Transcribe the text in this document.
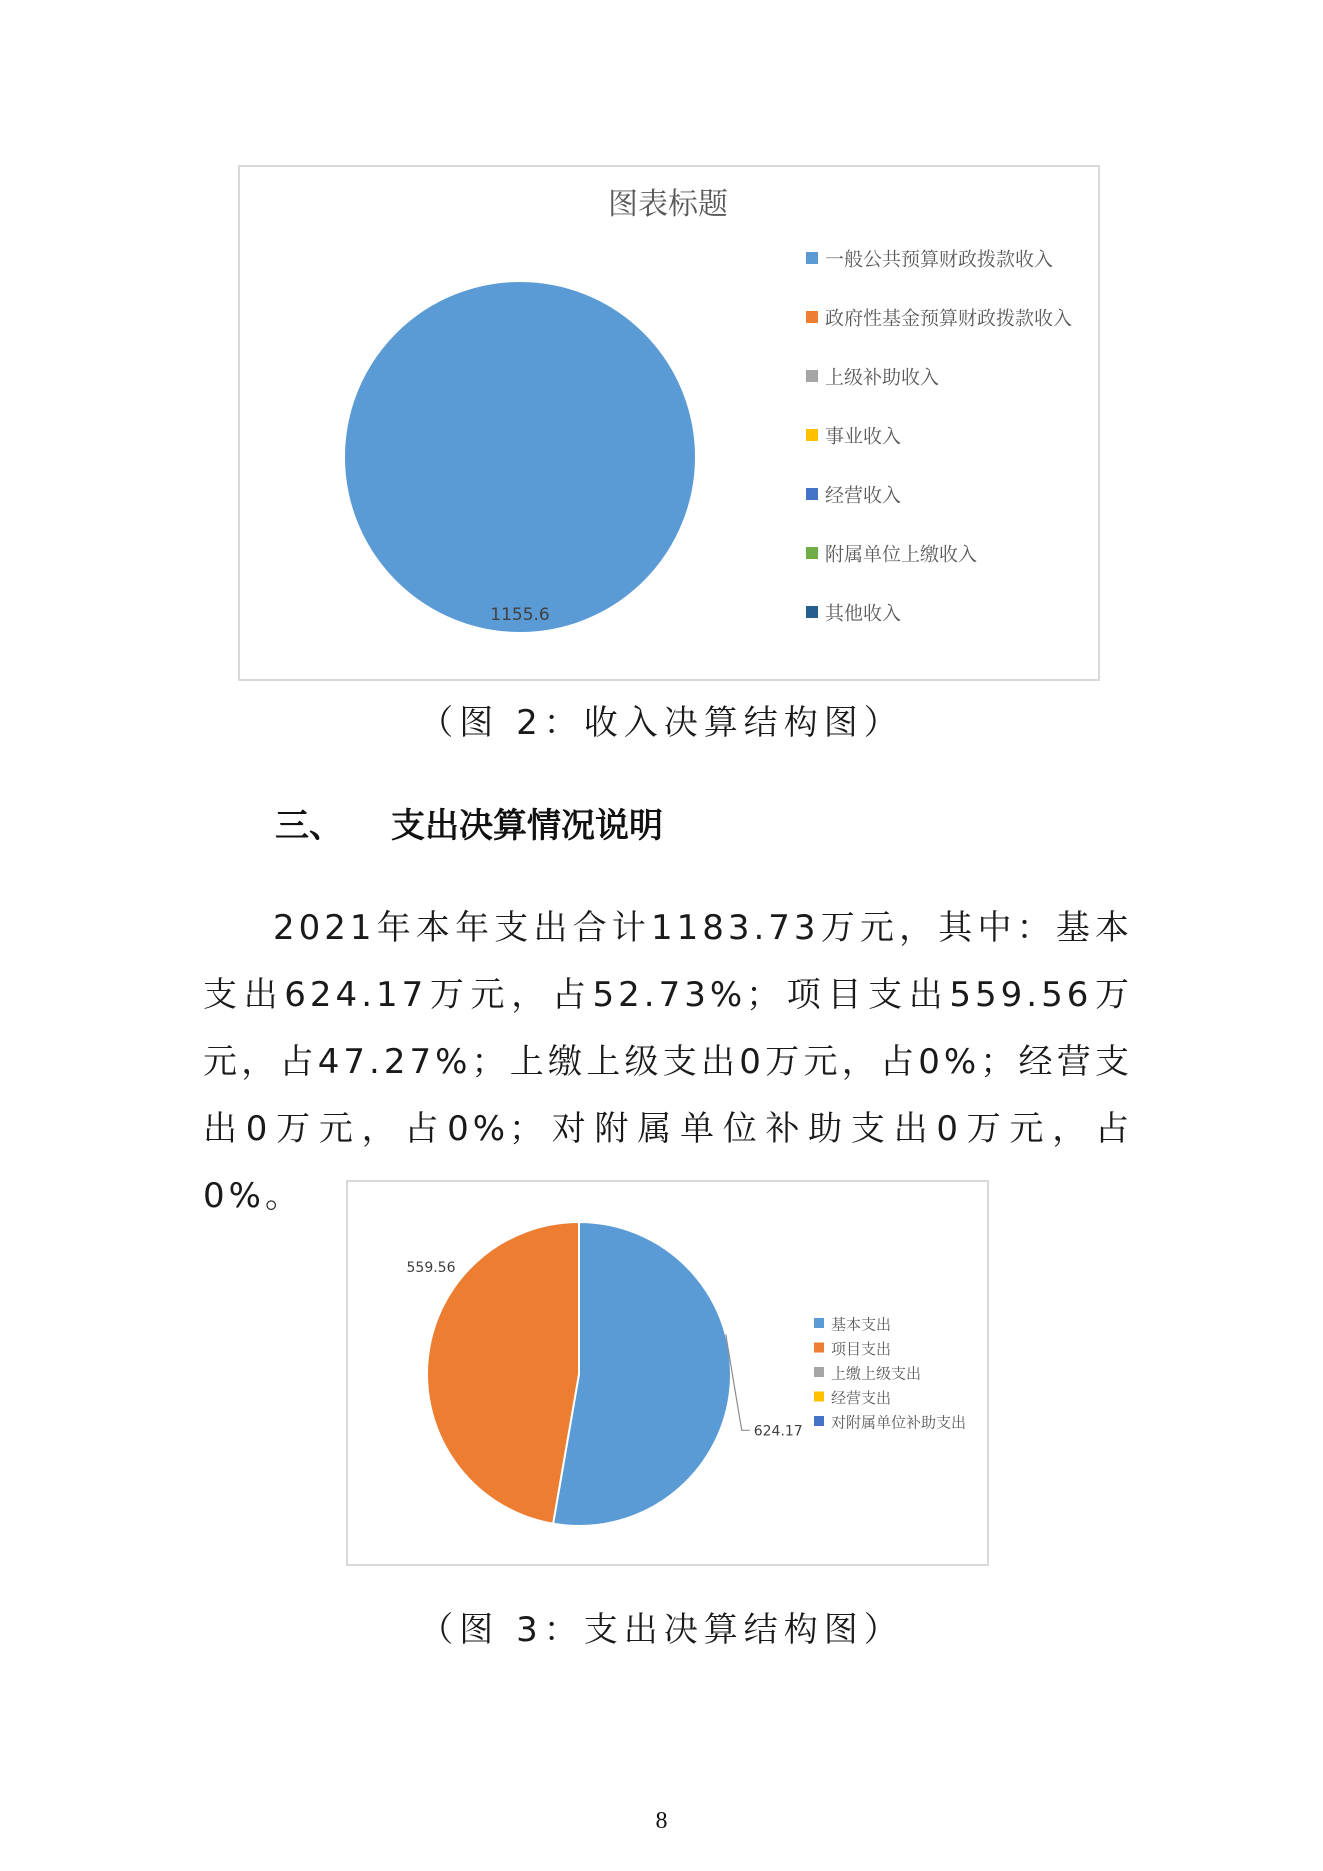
图表标题
1155.6
一般公共预算财政拨款收入
政府性基金预算财政拨款收入
上级补助收入
事业收入
经营收入
附属单位上缴收入
其他收入
（图 2：收入决算结构图）
三、 支出决算情况说明

2021年本年支出合计1183.73万元，其中：基本支出624.17万元，占52.73%；项目支出559.56万元，占47.27%；上缴上级支出0万元，占0%；经营支出0万元，占0%；对附属单位补助支出0万元，占0%。

624.17
559.56
基本支出
项目支出
上缴上级支出
经营支出
对附属单位补助支出
（图 3：支出决算结构图）
8
